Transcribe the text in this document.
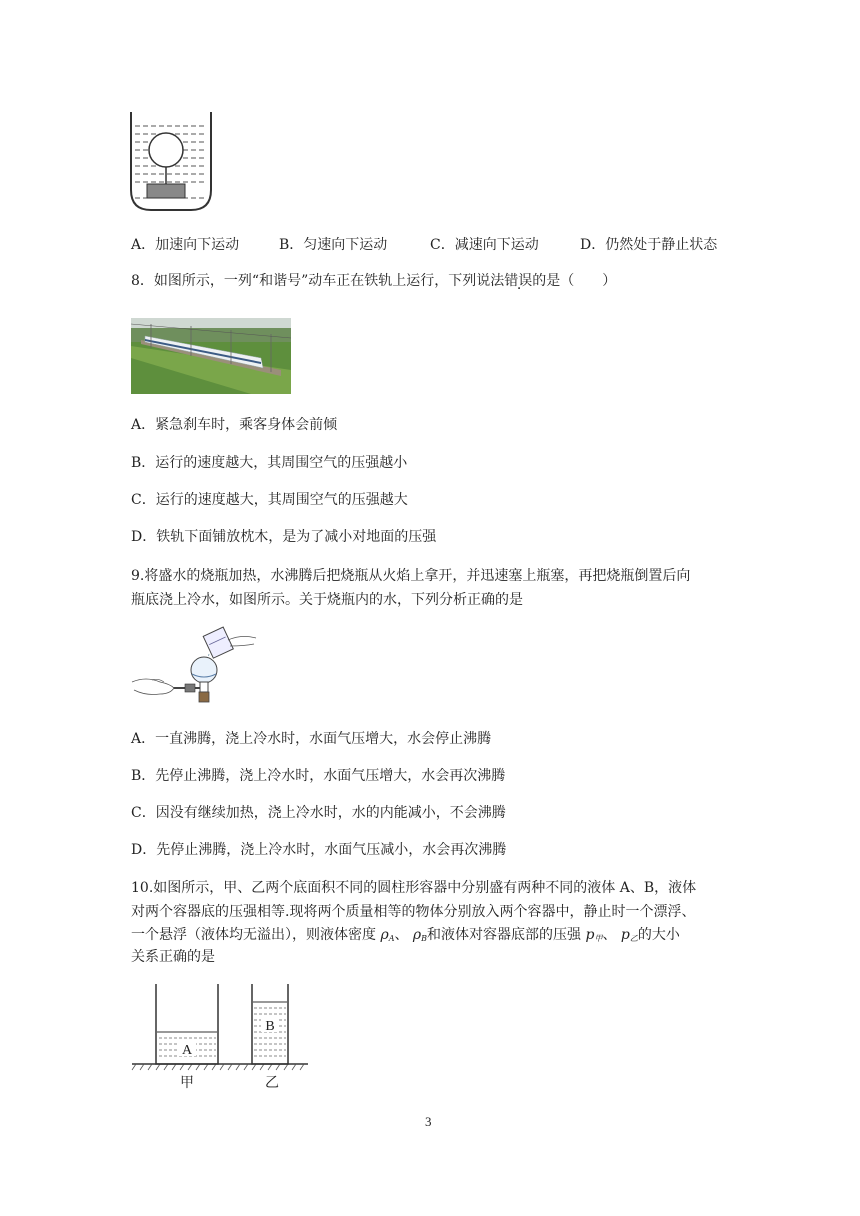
A．加速向下运动	B．匀速向下运动	C．减速向下运动	D．仍然处于静止状态
8．如图所示，一列“和谐号”动车正在铁轨上运行，下列说法错误的是（　　）
A．紧急刹车时，乘客身体会前倾
B．运行的速度越大，其周围空气的压强越小
C．运行的速度越大，其周围空气的压强越大
D．铁轨下面铺放枕木，是为了减小对地面的压强
9.将盛水的烧瓶加热，水沸腾后把烧瓶从火焰上拿开，并迅速塞上瓶塞，再把烧瓶倒置后向
瓶底浇上冷水，如图所示。关于烧瓶内的水，下列分析正确的是
A．一直沸腾，浇上冷水时，水面气压增大，水会停止沸腾
B．先停止沸腾，浇上冷水时，水面气压增大，水会再次沸腾
C．因没有继续加热，浇上冷水时，水的内能减小，不会沸腾
D．先停止沸腾，浇上冷水时，水面气压减小，水会再次沸腾
10.如图所示，甲、乙两个底面积不同的圆柱形容器中分别盛有两种不同的液体 A、B，液体
对两个容器底的压强相等.现将两个质量相等的物体分别放入两个容器中，静止时一个漂浮、
一个悬浮（液体均无溢出），则液体密度 $\rho_A$、 $\rho_B$和液体对容器底部的压强 $p_甲$、 $p_乙$的大小
关系正确的是
A
B
甲	乙
3
